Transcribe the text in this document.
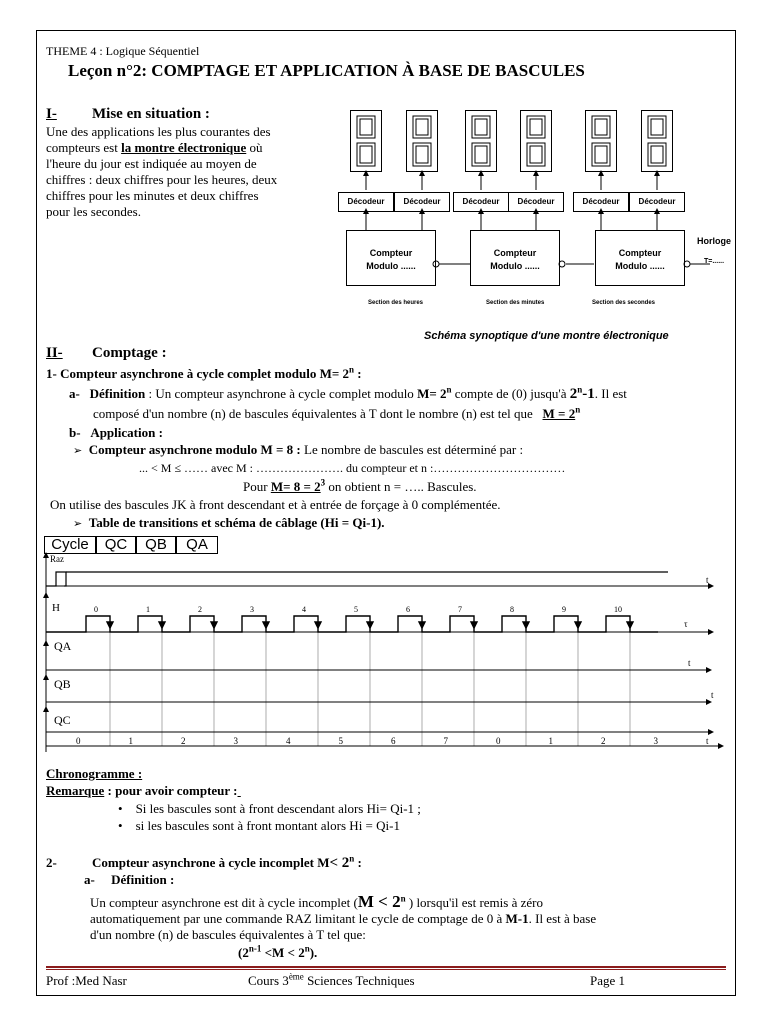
THEME 4 : Logique Séquentiel
Leçon n°2: COMPTAGE ET APPLICATION À BASE DE BASCULES
I- Mise en situation :
Une des applications les plus courantes des
compteurs est la montre électronique où
l'heure du jour est indiquée au moyen de
chiffres : deux chiffres pour les heures, deux
chiffres pour les minutes et deux chiffres
pour les secondes.
Décodeur	Décodeur	Décodeur	Décodeur	Décodeur	Décodeur
Compteur
Modulo ......
Compteur
Modulo ......
Compteur
Modulo ......
Section des heures	Section des minutes	Section des secondes
Horloge
T=......
Schéma synoptique d'une montre électronique
II- Comptage :
1- Compteur asynchrone à cycle complet modulo $M= 2^n$ :
a- Définition : Un compteur asynchrone à cycle complet modulo $M= 2^n$ compte de (0) jusqu'à 2$^n$-1. Il est
composé d'un nombre (n) de bascules équivalentes à T dont le nombre (n) est tel que $M = 2^n$
b- Application :
➢ Compteur asynchrone modulo M = 8 : Le nombre de bascules est déterminé par :
... < M ≤ …… avec M : …………………. du compteur et n :……………………………
Pour $M= 8 = 2^3$ on obtient n = ….. Bascules.
On utilise des bascules JK à front descendant et à entrée de forçage à 0 complémentée.
➢ Table de transitions et schéma de câblage (Hi = Qi-1).
Cycle	QC	QB	QA
0	1	2	3	4	5	6	7	8	9	10
0	1	2	3	4	5	6	7	0	1	2	3
Raz
H
QA
QB
QC
t
τ
t
t
t
Chronogramme :
Remarque : pour avoir compteur :
•    Si les bascules sont à front descendant alors Hi= Qi-1 ;
•    si les bascules sont à front montant alors Hi = Qi-1
2-	Compteur asynchrone à cycle incomplet $M< 2^n$ :
a- Définition :
Un compteur asynchrone est dit à cycle incomplet ($M < 2^n$ ) lorsqu'il est remis à zéro
automatiquement par une commande RAZ limitant le cycle de comptage de 0 à M-1. Il est à base
d'un nombre (n) de bascules équivalentes à T tel que:
$(2^{n-1} <M < 2^n)$.
Prof :Med Nasr	Cours 3ème Sciences Techniques	Page 1
